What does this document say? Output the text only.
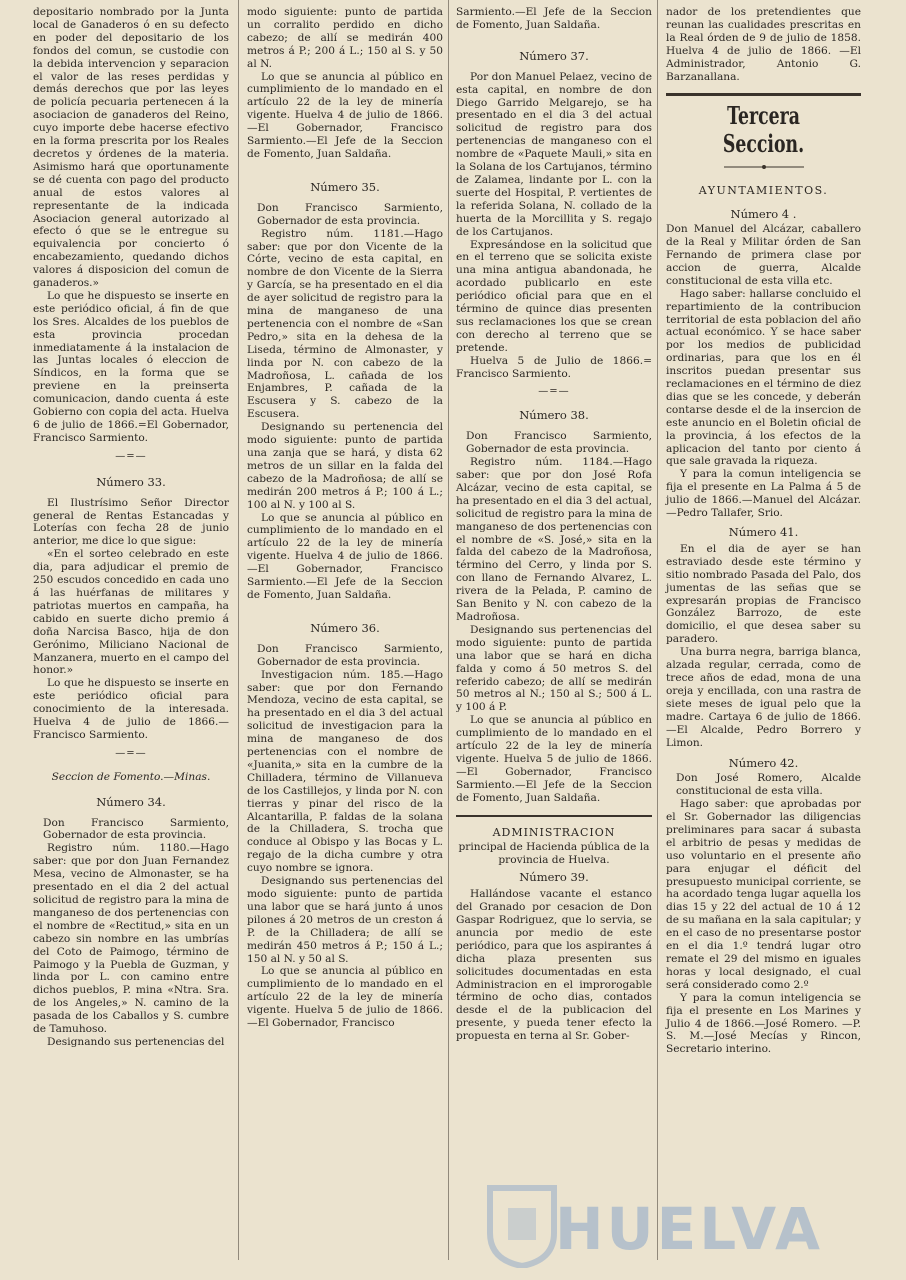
depositario nombrado por la Junta local de Ganaderos ó en su defecto en poder del depositario de los fondos del comun, se custodie con la debida intervencion y separacion el valor de las reses perdidas y demás derechos que por las leyes de policía pecuaria pertenecen á la asociacion de ganaderos del Reino, cuyo importe debe hacerse efectivo en la forma prescrita por los Reales decretos y órdenes de la materia. Asimismo hará que oportunamente se dé cuenta con pago del producto anual de estos valores al representante de la indicada Asociacion general autorizado al efecto ó que se le entregue su equivalencia por concierto ó encabezamiento, quedando dichos valores á disposicion del comun de ganaderos.»

Lo que he dispuesto se inserte en este periódico oficial, á fin de que los Sres. Alcaldes de los pueblos de esta provincia procedan inmediatamente á la instalacion de las Juntas locales ó eleccion de Síndicos, en la forma que se previene en la preinserta comunicacion, dando cuenta á este Gobierno con copia del acta. Huelva 6 de julio de 1866.=El Gobernador, Francisco Sarmiento.

—=—
Número 33.

El Ilustrísimo Señor Director general de Rentas Estancadas y Loterías con fecha 28 de junio anterior, me dice lo que sigue:

«En el sorteo celebrado en este dia, para adjudicar el premio de 250 escudos concedido en cada uno á las huérfanas de militares y patriotas muertos en campaña, ha cabido en suerte dicho premio á doña Narcisa Basco, hija de don Gerónimo, Miliciano Nacional de Manzanera, muerto en el campo del honor.»

Lo que he dispuesto se inserte en este periódico oficial para conocimiento de la interesada. Huelva 4 de julio de 1866.—Francisco Sarmiento.

—=—
Seccion de Fomento.—Minas.
Número 34.

Don Francisco Sarmiento, Gobernador de esta provincia.

Registro núm. 1180.—Hago saber: que por don Juan Fernandez Mesa, vecino de Almonaster, se ha presentado en el dia 2 del actual solicitud de registro para la mina de manganeso de dos pertenencias con el nombre de «Rectitud,» sita en un cabezo sin nombre en las umbrías del Coto de Paimogo, término de Paimogo y la Puebla de Guzman, y linda por L. con camino entre dichos pueblos, P. mina «Ntra. Sra. de los Angeles,» N. camino de la pasada de los Caballos y S. cumbre de Tamuhoso.

Designando sus pertenencias del

modo siguiente: punto de partida un corralito perdido en dicho cabezo; de allí se medirán 400 metros á P.; 200 á L.; 150 al S. y 50 al N.

Lo que se anuncia al público en cumplimiento de lo mandado en el artículo 22 de la ley de minería vigente. Huelva 4 de julio de 1866.—El Gobernador, Francisco Sarmiento.—El Jefe de la Seccion de Fomento, Juan Saldaña.

Número 35.

Don Francisco Sarmiento, Gobernador de esta provincia.

Registro núm. 1181.—Hago saber: que por don Vicente de la Córte, vecino de esta capital, en nombre de don Vicente de la Sierra y García, se ha presentado en el dia de ayer solicitud de registro para la mina de manganeso de una pertenencia con el nombre de «San Pedro,» sita en la dehesa de la Liseda, término de Almonaster, y linda por N. con cabezo de la Madroñosa, L. cañada de los Enjambres, P. cañada de la Escusera y S. cabezo de la Escusera.

Designando su pertenencia del modo siguiente: punto de partida una zanja que se hará, y dista 62 metros de un sillar en la falda del cabezo de la Madroñosa; de allí se medirán 200 metros á P.; 100 á L.; 100 al N. y 100 al S.

Lo que se anuncia al público en cumplimiento de lo mandado en el artículo 22 de la ley de minería vigente. Huelva 4 de julio de 1866.—El Gobernador, Francisco Sarmiento.—El Jefe de la Seccion de Fomento, Juan Saldaña.

Número 36.

Don Francisco Sarmiento, Gobernador de esta provincia.

Investigacion núm. 185.—Hago saber: que por don Fernando Mendoza, vecino de esta capital, se ha presentado en el dia 3 del actual solicitud de investigacion para la mina de manganeso de dos pertenencias con el nombre de «Juanita,» sita en la cumbre de la Chilladera, término de Villanueva de los Castillejos, y linda por N. con tierras y pinar del risco de la Alcantarilla, P. faldas de la solana de la Chilladera, S. trocha que conduce al Obispo y las Bocas y L. regajo de la dicha cumbre y otra cuyo nombre se ignora.

Designando sus pertenencias del modo siguiente: punto de partida una labor que se hará junto á unos pilones á 20 metros de un creston á P. de la Chilladera; de allí se medirán 450 metros á P.; 150 á L.; 150 al N. y 50 al S.

Lo que se anuncia al público en cumplimiento de lo mandado en el artículo 22 de la ley de minería vigente. Huelva 5 de julio de 1866.—El Gobernador, Francisco

Sarmiento.—El Jefe de la Seccion de Fomento, Juan Saldaña.

Número 37.

Por don Manuel Pelaez, vecino de esta capital, en nombre de don Diego Garrido Melgarejo, se ha presentado en el dia 3 del actual solicitud de registro para dos pertenencias de manganeso con el nombre de «Paquete Mauli,» sita en la Solana de los Cartujanos, término de Zalamea, lindante por L. con la suerte del Hospital, P. vertientes de la referida Solana, N. collado de la huerta de la Morcillita y S. regajo de los Cartujanos.

Expresándose en la solicitud que en el terreno que se solicita existe una mina antigua abandonada, he acordado publicarlo en este periódico oficial para que en el término de quince dias presenten sus reclamaciones los que se crean con derecho al terreno que se pretende.

Huelva 5 de Julio de 1866.= Francisco Sarmiento.

—=—
Número 38.

Don Francisco Sarmiento, Gobernador de esta provincia.

Registro núm. 1184.—Hago saber: que por don José Rofa Alcázar, vecino de esta capital, se ha presentado en el dia 3 del actual, solicitud de registro para la mina de manganeso de dos pertenencias con el nombre de «S. José,» sita en la falda del cabezo de la Madroñosa, término del Cerro, y linda por S. con llano de Fernando Alvarez, L. rivera de la Pelada, P. camino de San Benito y N. con cabezo de la Madroñosa.

Designando sus pertenencias del modo siguiente: punto de partida una labor que se hará en dicha falda y como á 50 metros S. del referido cabezo; de allí se medirán 50 metros al N.; 150 al S.; 500 á L. y 100 á P.

Lo que se anuncia al público en cumplimiento de lo mandado en el artículo 22 de la ley de minería vigente. Huelva 5 de julio de 1866.—El Gobernador, Francisco Sarmiento.—El Jefe de la Seccion de Fomento, Juan Saldaña.

ADMINISTRACION

principal de Hacienda pública de la provincia de Huelva.

Número 39.

Hallándose vacante el estanco del Granado por cesacion de Don Gaspar Rodriguez, que lo servia, se anuncia por medio de este periódico, para que los aspirantes á dicha plaza presenten sus solicitudes documentadas en esta Administracion en el improrogable término de ocho dias, contados desde el de la publicacion del presente, y pueda tener efecto la propuesta en terna al Sr. Gober-

nador de los pretendientes que reunan las cualidades prescritas en la Real órden de 9 de julio de 1858. Huelva 4 de julio de 1866. —El Administrador, Antonio G. Barzanallana.

Tercera Seccion.
AYUNTAMIENTOS.
Número 4 .

Don Manuel del Alcázar, caballero de la Real y Militar órden de San Fernando de primera clase por accion de guerra, Alcalde constitucional de esta villa etc.

Hago saber: hallarse concluido el repartimiento de la contribucion territorial de esta poblacion del año actual económico. Y se hace saber por los medios de publicidad ordinarias, para que los en él inscritos puedan presentar sus reclamaciones en el término de diez dias que se les concede, y deberán contarse desde el de la insercion de este anuncio en el Boletin oficial de la provincia, á los efectos de la aplicacion del tanto por ciento á que sale gravada la riqueza.

Y para la comun inteligencia se fija el presente en La Palma á 5 de julio de 1866.—Manuel del Alcázar.—Pedro Tallafer, Srio.

Número 41.

En el dia de ayer se han estraviado desde este término y sitio nombrado Pasada del Palo, dos jumentas de las señas que se expresarán propias de Francisco González Barrozo, de este domicilio, el que desea saber su paradero.

Una burra negra, barriga blanca, alzada regular, cerrada, como de trece años de edad, mona de una oreja y encillada, con una rastra de siete meses de igual pelo que la madre. Cartaya 6 de julio de 1866.—El Alcalde, Pedro Borrero y Limon.

Número 42.

Don José Romero, Alcalde constitucional de esta villa.

Hago saber: que aprobadas por el Sr. Gobernador las diligencias preliminares para sacar á subasta el arbitrio de pesas y medidas de uso voluntario en el presente año para enjugar el déficit del presupuesto municipal corriente, se ha acordado tenga lugar aquella los dias 15 y 22 del actual de 10 á 12 de su mañana en la sala capitular; y en el caso de no presentarse postor en el dia 1.º tendrá lugar otro remate el 29 del mismo en iguales horas y local designado, el cual será considerado como 2.º

Y para la comun inteligencia se fija el presente en Los Marines y Julio 4 de 1866.—José Romero. —P. S. M.—José Mecías y Rincon, Secretario interino.

HUELVA
